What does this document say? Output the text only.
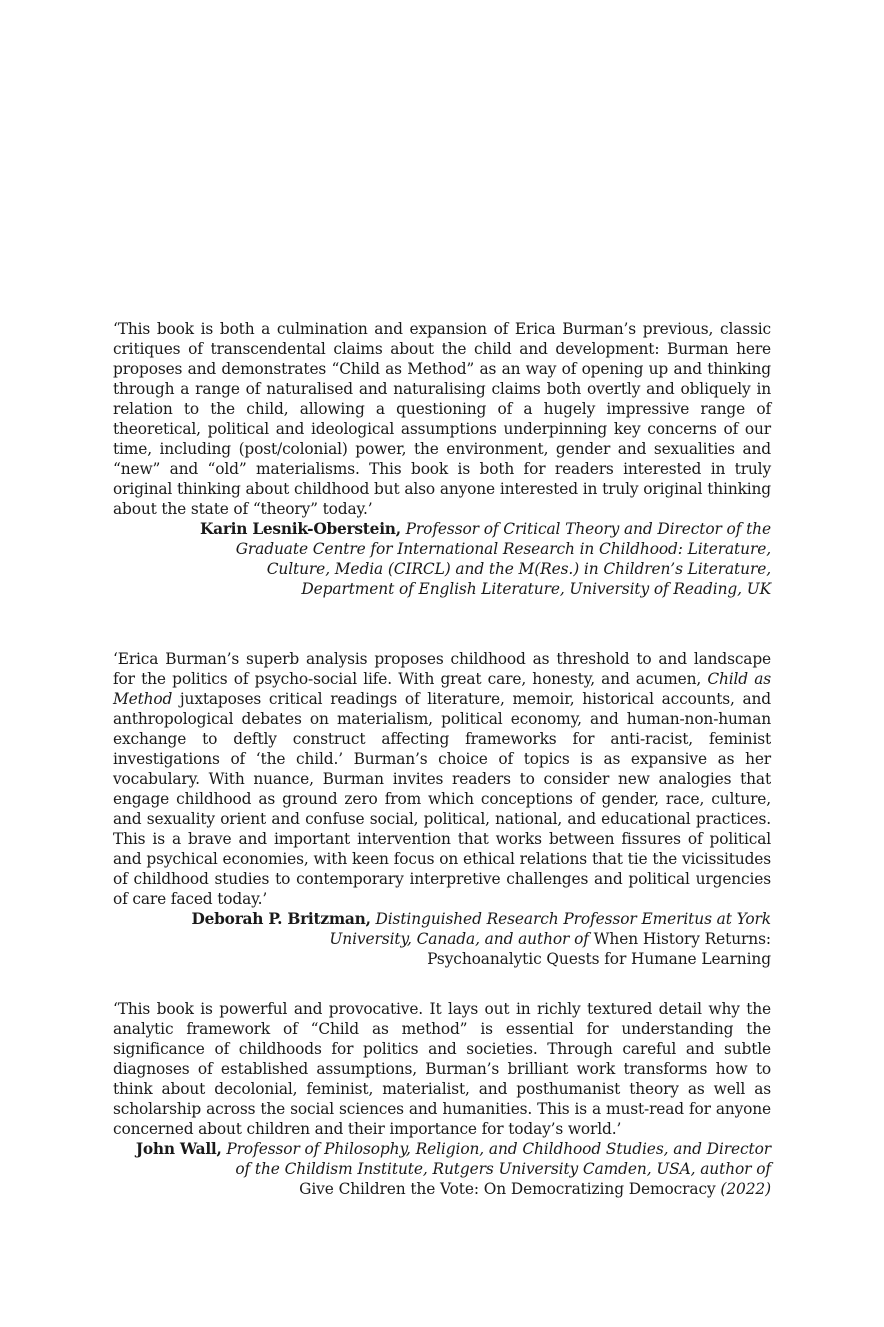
‘This book is both a culmination and expansion of Erica Burman’s previous, classic critiques of transcendental claims about the child and development: Burman here proposes and demonstrates “Child as Method” as an way of opening up and thinking through a range of naturalised and naturalising claims both overtly and obliquely in relation to the child, allowing a questioning of a hugely impressive range of theoretical, political and ideological assumptions underpinning key concerns of our time, including (post/colonial) power, the environment, gender and sexualities and “new” and “old” materialisms. This book is both for readers interested in truly original thinking about childhood but also anyone interested in truly original thinking about the state of “theory” today.’

Karin Lesnik-Oberstein, Professor of Critical Theory and Director of the
Graduate Centre for International Research in Childhood: Literature,
Culture, Media (CIRCL) and the M(Res.) in Children’s Literature,
Department of English Literature, University of Reading, UK

‘Erica Burman’s superb analysis proposes childhood as threshold to and landscape for the politics of psycho-social life. With great care, honesty, and acumen, Child as Method juxtaposes critical readings of literature, memoir, historical accounts, and anthropological debates on materialism, political economy, and human-non-human exchange to deftly construct affecting frameworks for anti-racist, feminist investigations of ‘the child.’ Burman’s choice of topics is as expansive as her vocabulary. With nuance, Burman invites readers to consider new analogies that engage childhood as ground zero from which conceptions of gender, race, culture, and sexuality orient and confuse social, political, national, and educational practices. This is a brave and important intervention that works between fissures of political and psychical economies, with keen focus on ethical relations that tie the vicissitudes of childhood studies to contemporary interpretive challenges and political urgencies of care faced today.’

Deborah P. Britzman, Distinguished Research Professor Emeritus at York
University, Canada, and author of When History Returns:
Psychoanalytic Quests for Humane Learning

‘This book is powerful and provocative. It lays out in richly textured detail why the analytic framework of “Child as method” is essential for understanding the significance of childhoods for politics and societies. Through careful and subtle diagnoses of established assumptions, Burman’s brilliant work transforms how to think about decolonial, feminist, materialist, and posthumanist theory as well as scholarship across the social sciences and humanities. This is a must-read for anyone concerned about children and their importance for today’s world.’

John Wall, Professor of Philosophy, Religion, and Childhood Studies, and Director
of the Childism Institute, Rutgers University Camden, USA, author of
Give Children the Vote: On Democratizing Democracy (2022)
